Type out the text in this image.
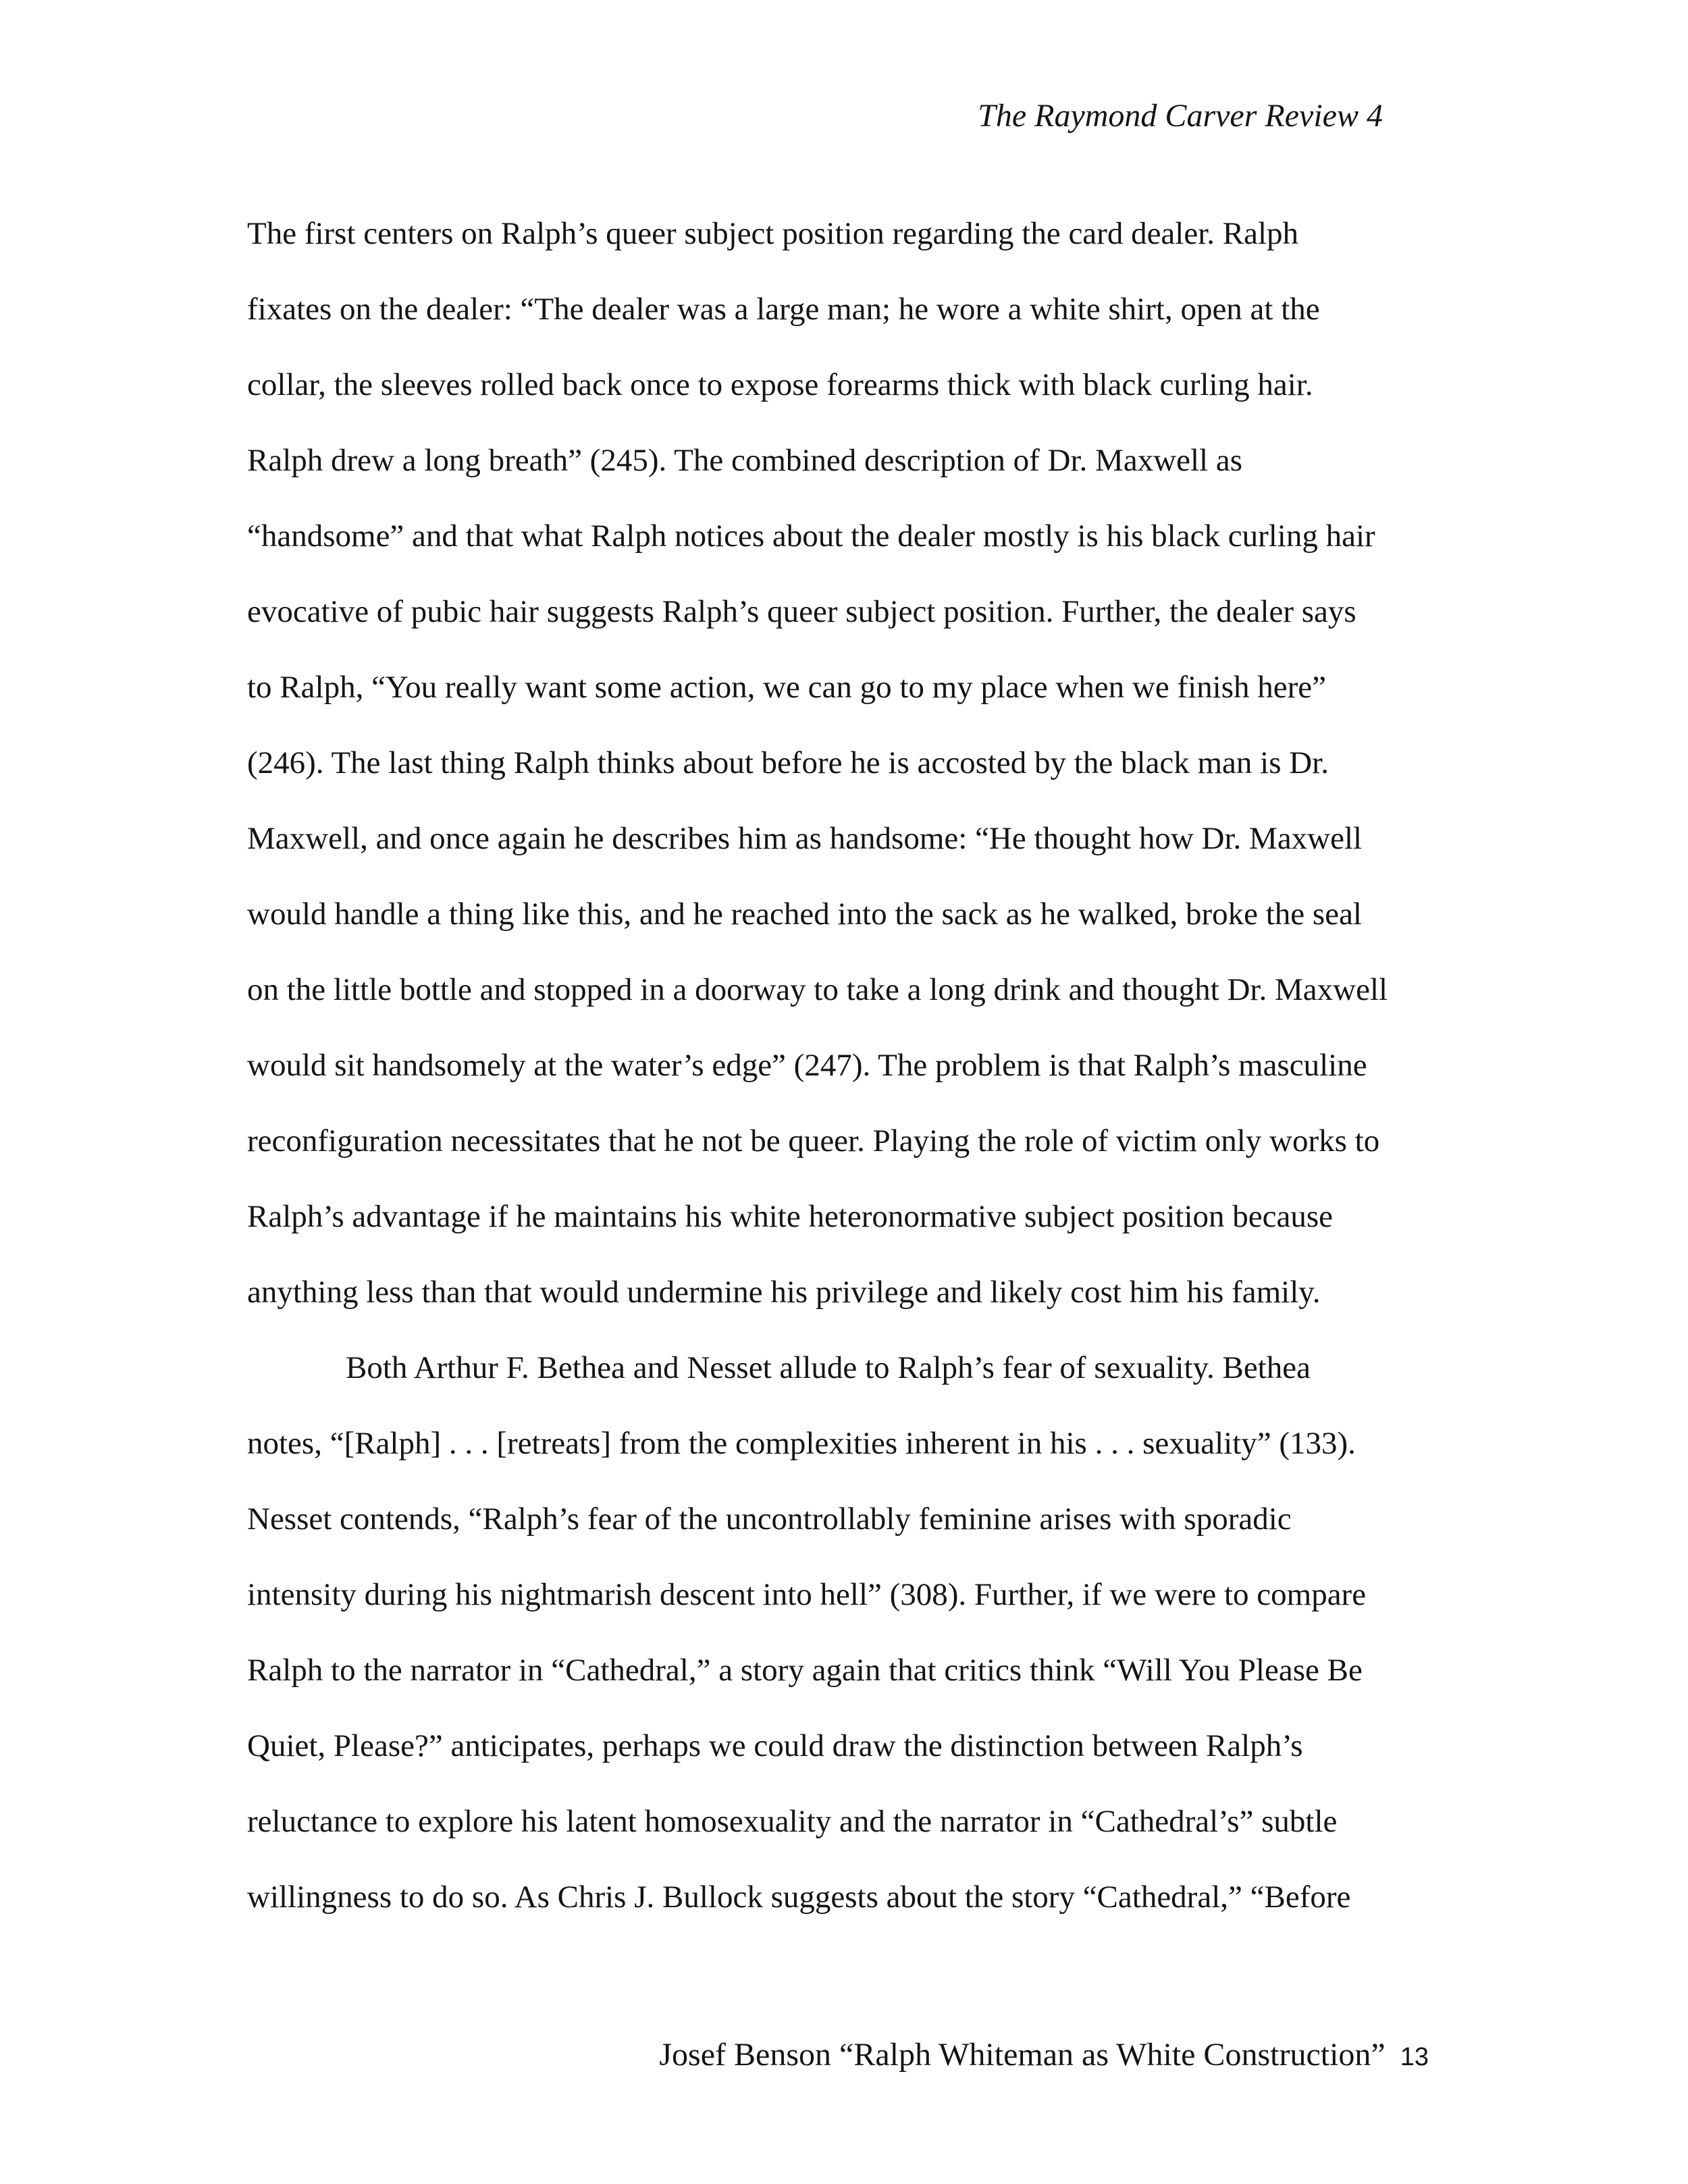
The Raymond Carver Review 4
The first centers on Ralph’s queer subject position regarding the card dealer. Ralph
fixates on the dealer: “The dealer was a large man; he wore a white shirt, open at the
collar, the sleeves rolled back once to expose forearms thick with black curling hair.
Ralph drew a long breath” (245). The combined description of Dr. Maxwell as
“handsome” and that what Ralph notices about the dealer mostly is his black curling hair
evocative of pubic hair suggests Ralph’s queer subject position. Further, the dealer says
to Ralph, “You really want some action, we can go to my place when we finish here”
(246). The last thing Ralph thinks about before he is accosted by the black man is Dr.
Maxwell, and once again he describes him as handsome: “He thought how Dr. Maxwell
would handle a thing like this, and he reached into the sack as he walked, broke the seal
on the little bottle and stopped in a doorway to take a long drink and thought Dr. Maxwell
would sit handsomely at the water’s edge” (247). The problem is that Ralph’s masculine
reconfiguration necessitates that he not be queer. Playing the role of victim only works to
Ralph’s advantage if he maintains his white heteronormative subject position because
anything less than that would undermine his privilege and likely cost him his family.
Both Arthur F. Bethea and Nesset allude to Ralph’s fear of sexuality. Bethea
notes, “[Ralph] . . . [retreats] from the complexities inherent in his . . . sexuality” (133).
Nesset contends, “Ralph’s fear of the uncontrollably feminine arises with sporadic
intensity during his nightmarish descent into hell” (308). Further, if we were to compare
Ralph to the narrator in “Cathedral,” a story again that critics think “Will You Please Be
Quiet, Please?” anticipates, perhaps we could draw the distinction between Ralph’s
reluctance to explore his latent homosexuality and the narrator in “Cathedral’s” subtle
willingness to do so. As Chris J. Bullock suggests about the story “Cathedral,” “Before
Josef Benson “Ralph Whiteman as White Construction” 13
